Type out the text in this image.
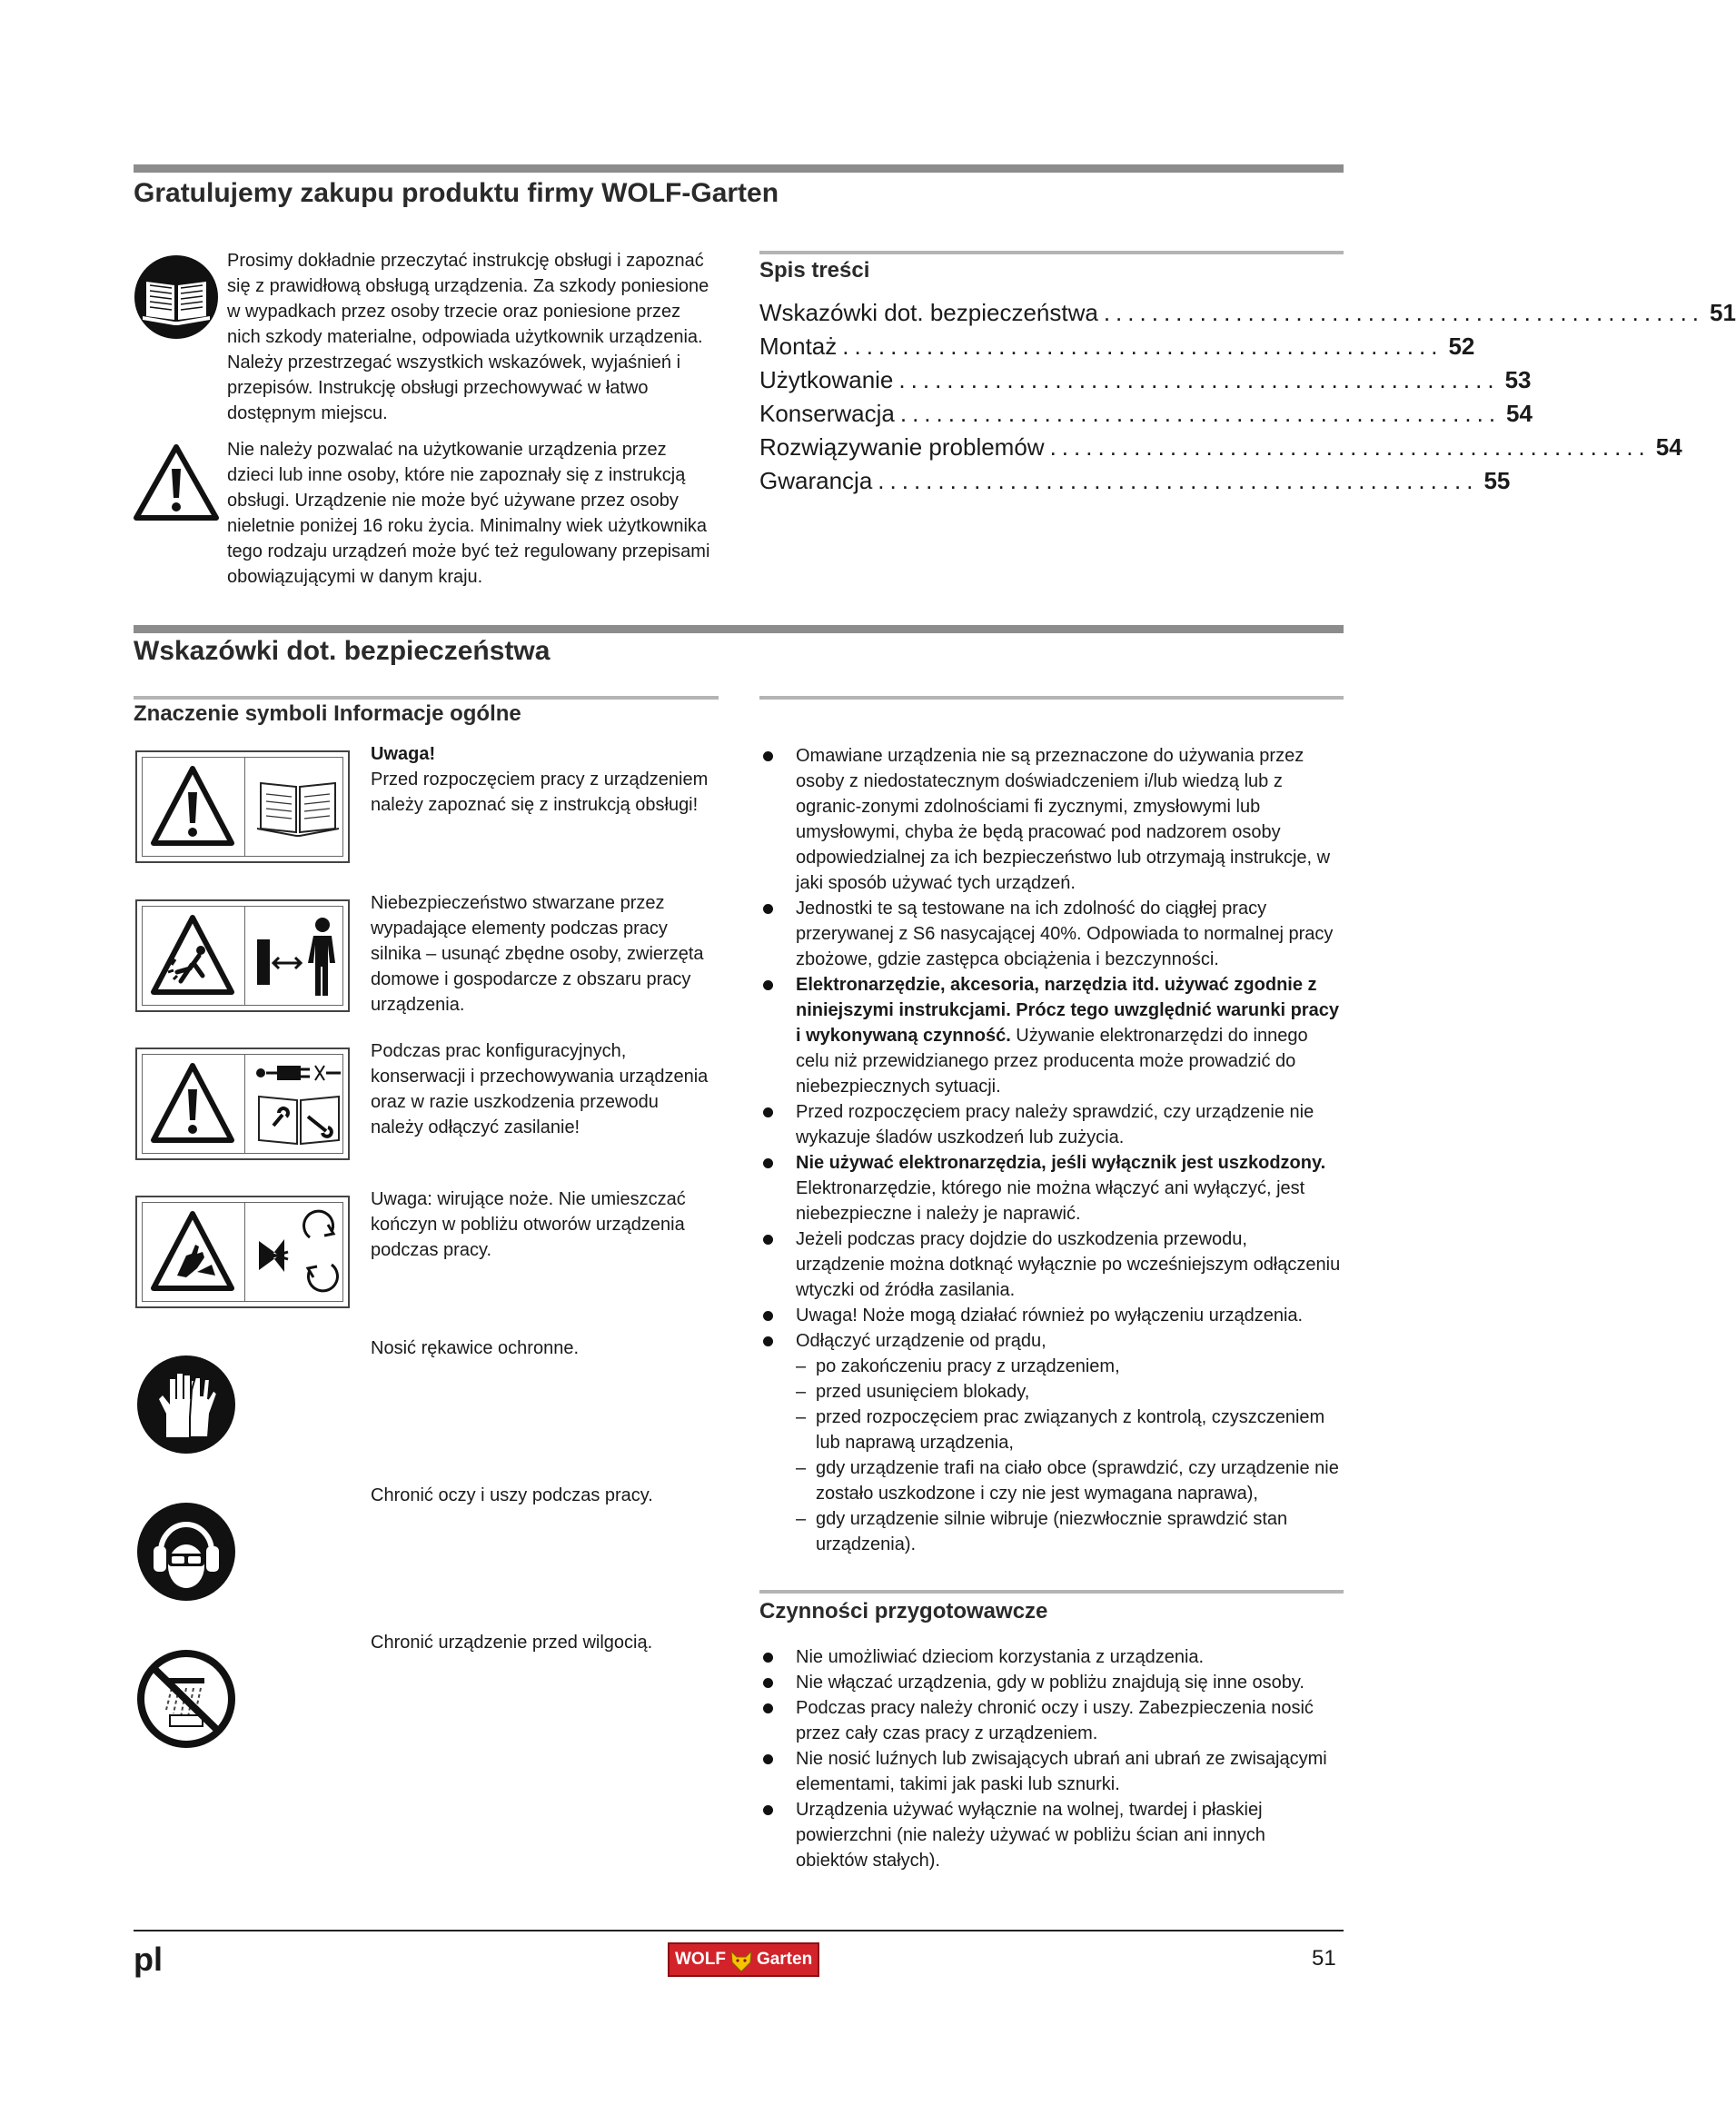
Gratulujemy zakupu produktu firmy WOLF-Garten

Prosimy dokładnie przeczytać instrukcję obsługi i zapoznać się z prawidłową obsługą urządzenia. Za szkody poniesione w wypadkach przez osoby trzecie oraz poniesione przez nich szkody materialne, odpowiada użytkownik urządzenia. Należy przestrzegać wszystkich wskazówek, wyjaśnień i przepisów. Instrukcję obsługi przechowywać w łatwo dostępnym miejscu.

Nie należy pozwalać na użytkowanie urządzenia przez dzieci lub inne osoby, które nie zapoznały się z instrukcją obsługi. Urządzenie nie może być używane przez osoby nieletnie poniżej 16 roku życia. Minimalny wiek użytkownika tego rodzaju urządzeń może być też regulowany przepisami obowiązującymi w danym kraju.

Spis treści
Wskazówki dot. bezpieczeństwa .................................................. 51
Montaż .................................................. 52
Użytkowanie .................................................. 53
Konserwacja .................................................. 54
Rozwiązywanie problemów .................................................. 54
Gwarancja .................................................. 55
Wskazówki dot. bezpieczeństwa
Znaczenie symboli Informacje ogólne
Uwaga!
Przed rozpoczęciem pracy z urządzeniem należy zapoznać się z instrukcją obsługi!
Niebezpieczeństwo stwarzane przez wypadające elementy podczas pracy silnika – usunąć zbędne osoby, zwierzęta domowe i gospodarcze z obszaru pracy urządzenia.
Podczas prac konfiguracyjnych, konserwacji i przechowywania urządzenia oraz w razie uszkodzenia przewodu należy odłączyć zasilanie!
Uwaga: wirujące noże. Nie umieszczać kończyn w pobliżu otworów urządzenia podczas pracy.
Nosić rękawice ochronne.
Chronić oczy i uszy podczas pracy.
Chronić urządzenie przed wilgocią.
Omawiane urządzenia nie są przeznaczone do używania przez osoby z niedostatecznym doświadczeniem i/lub wiedzą lub z ogranic-zonymi zdolnościami fi zycznymi, zmysłowymi lub umysłowymi, chyba że będą pracować pod nadzorem osoby odpowiedzialnej za ich bezpieczeństwo lub otrzymają instrukcje, w jaki sposób używać tych urządzeń.
Jednostki te są testowane na ich zdolność do ciągłej pracy przerywanej z S6 nasycającej 40%. Odpowiada to normalnej pracy zbożowe, gdzie zastępca obciążenia i bezczynności.
Elektronarzędzie, akcesoria, narzędzia itd. używać zgodnie z niniejszymi instrukcjami. Prócz tego uwzględnić warunki pracy i wykonywaną czynność. Używanie elektronarzędzi do innego celu niż przewidzianego przez producenta może prowadzić do niebezpiecznych sytuacji.
Przed rozpoczęciem pracy należy sprawdzić, czy urządzenie nie wykazuje śladów uszkodzeń lub zużycia.
Nie używać elektronarzędzia, jeśli wyłącznik jest uszkodzony. Elektronarzędzie, którego nie można włączyć ani wyłączyć, jest niebezpieczne i należy je naprawić.
Jeżeli podczas pracy dojdzie do uszkodzenia przewodu, urządzenie można dotknąć wyłącznie po wcześniejszym odłączeniu wtyczki od źródła zasilania.
Uwaga! Noże mogą działać również po wyłączeniu urządzenia.
Odłączyć urządzenie od prądu,
– po zakończeniu pracy z urządzeniem,
– przed usunięciem blokady,
– przed rozpoczęciem prac związanych z kontrolą, czyszczeniem lub naprawą urządzenia,
– gdy urządzenie trafi na ciało obce (sprawdzić, czy urządzenie nie zostało uszkodzone i czy nie jest wymagana naprawa),
– gdy urządzenie silnie wibruje (niezwłocznie sprawdzić stan urządzenia).
Czynności przygotowawcze
Nie umożliwiać dzieciom korzystania z urządzenia.
Nie włączać urządzenia, gdy w pobliżu znajdują się inne osoby.
Podczas pracy należy chronić oczy i uszy. Zabezpieczenia nosić przez cały czas pracy z urządzeniem.
Nie nosić luźnych lub zwisających ubrań ani ubrań ze zwisającymi elementami, takimi jak paski lub sznurki.
Urządzenia używać wyłącznie na wolnej, twardej i płaskiej powierzchni (nie należy używać w pobliżu ścian ani innych obiektów stałych).
pl	WOLF Garten	51
